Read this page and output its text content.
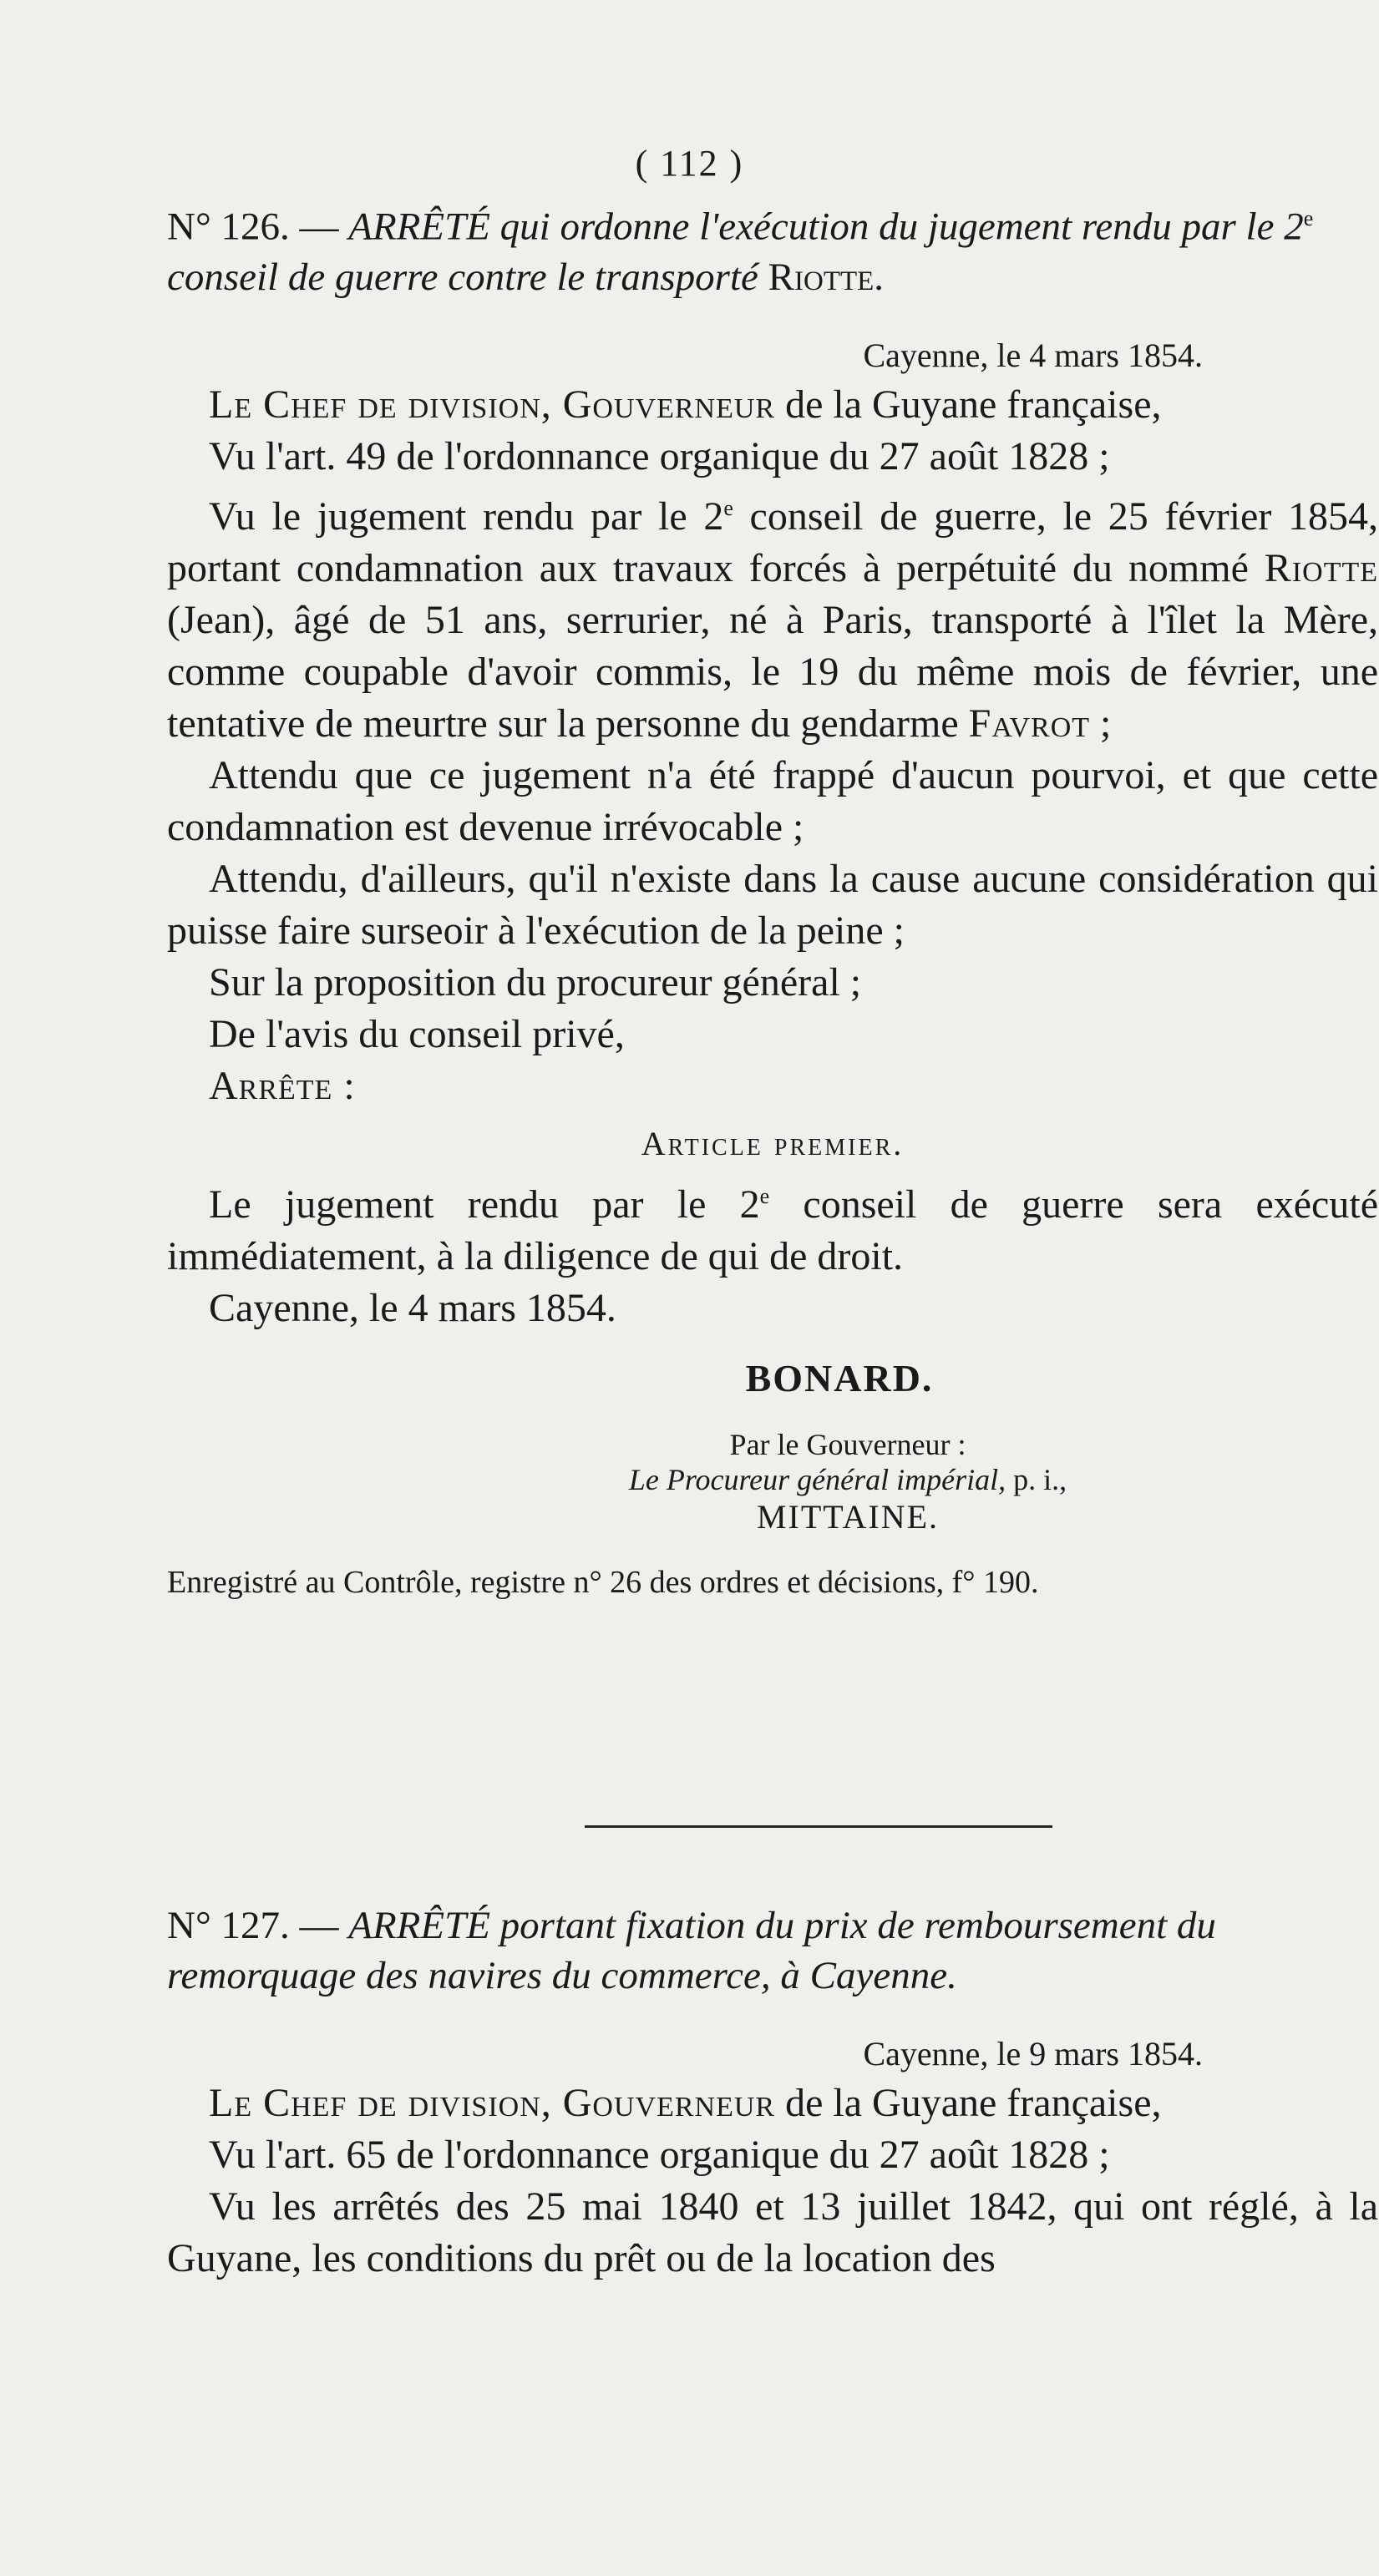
( 112 )

N° 126. — ARRÊTÉ qui ordonne l'exécution du jugement rendu par le 2e conseil de guerre contre le transporté Riotte.

Cayenne, le 4 mars 1854.

Le Chef de division, Gouverneur de la Guyane française,

Vu l'art. 49 de l'ordonnance organique du 27 août 1828 ;

Vu le jugement rendu par le 2e conseil de guerre, le 25 février 1854, portant condamnation aux travaux forcés à perpétuité du nommé Riotte (Jean), âgé de 51 ans, serrurier, né à Paris, transporté à l'îlet la Mère, comme coupable d'avoir commis, le 19 du même mois de février, une tentative de meurtre sur la personne du gendarme Favrot ;

Attendu que ce jugement n'a été frappé d'aucun pourvoi, et que cette condamnation est devenue irrévocable ;

Attendu, d'ailleurs, qu'il n'existe dans la cause aucune considération qui puisse faire surseoir à l'exécution de la peine ;

Sur la proposition du procureur général ;

De l'avis du conseil privé,

Arrête :

Article premier.

Le jugement rendu par le 2e conseil de guerre sera exécuté immédiatement, à la diligence de qui de droit.

Cayenne, le 4 mars 1854.

BONARD.
Par le Gouverneur :
Le Procureur général impérial, p. i.,
MITTAINE.
Enregistré au Contrôle, registre n° 26 des ordres et décisions, f° 190.

N° 127. — ARRÊTÉ portant fixation du prix de remboursement du remorquage des navires du commerce, à Cayenne.

Cayenne, le 9 mars 1854.

Le Chef de division, Gouverneur de la Guyane française,

Vu l'art. 65 de l'ordonnance organique du 27 août 1828 ;

Vu les arrêtés des 25 mai 1840 et 13 juillet 1842, qui ont réglé, à la Guyane, les conditions du prêt ou de la location des
